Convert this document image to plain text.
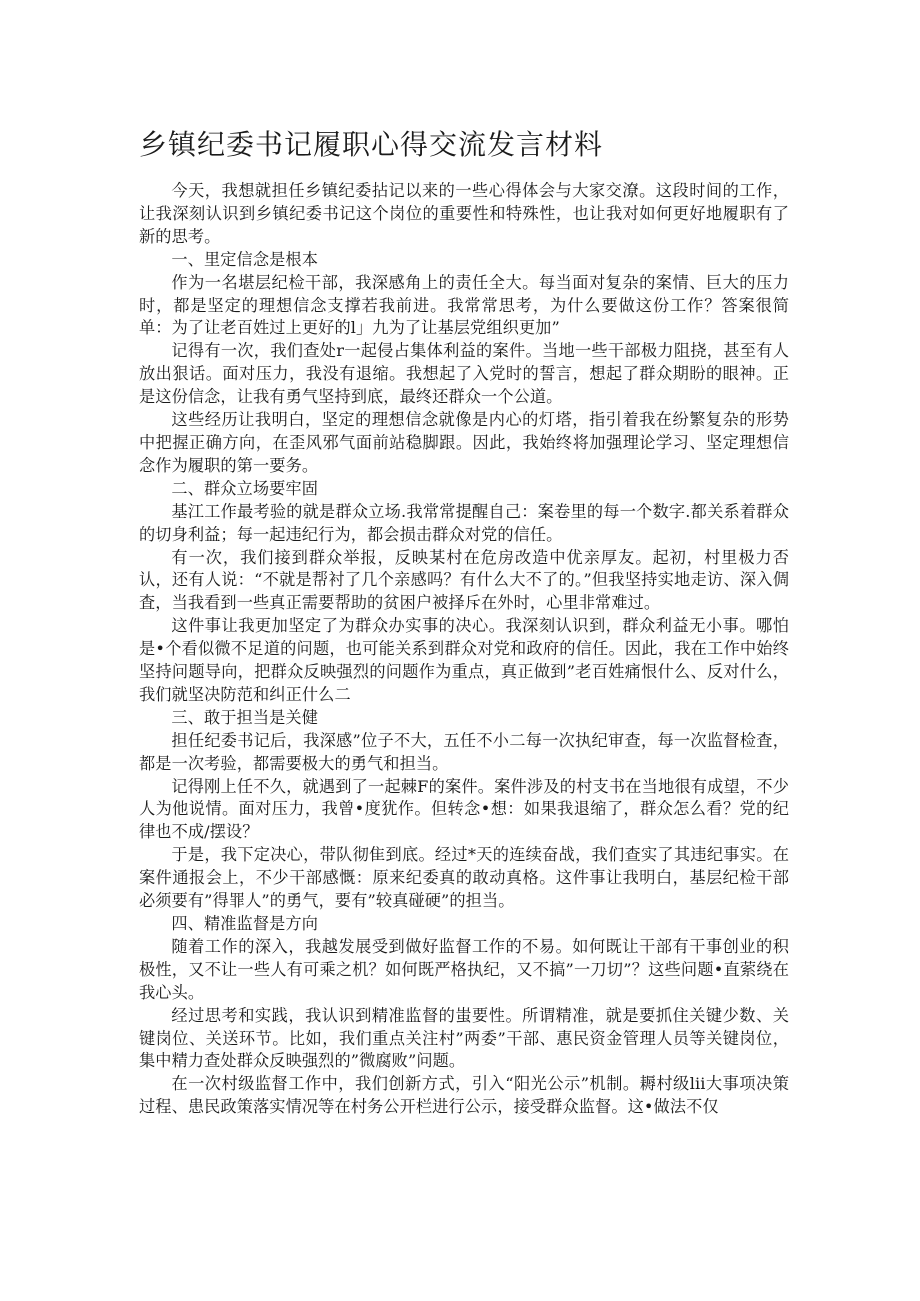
乡镇纪委书记履职心得交流发言材料

今天，我想就担任乡镇纪委拈记以来的一些心得体会与大家交潦。这段时间的工作，让我深刻认识到乡镇纪委书记这个岗位的重要性和特殊性，也让我对如何更好地履职有了新的思考。

一、里定信念是根本

作为一名堪层纪检干部，我深感角上的责任全大。每当面对复杂的案情、巨大的压力时，都是坚定的理想信念支撑若我前进。我常常思考，为什么要做这份工作？答案很简单：为了让老百姓过上更好的l」九为了让基层党组织更加”

记得有一次，我们查处r一起侵占集体利益的案件。当地一些干部极力阻挠，甚至有人放出狠话。面对压力，我没有退缩。我想起了入党时的誓言，想起了群众期盼的眼神。正是这份信念，让我有勇气坚持到底，最终还群众一个公道。

这些经历让我明白，坚定的理想信念就像是内心的灯塔，指引着我在纷繁复杂的形势中把握正确方向，在歪风邪气面前站稳脚跟。因此，我始终将加强理论学习、坚定理想信念作为履职的第一要务。

二、群众立场要牢固

基江工作最考验的就是群众立场.我常常提醒自己：案卷里的每一个数字.都关系着群众的切身利益；每一起违纪行为，都会损击群众对党的信任。

有一次，我们接到群众举报，反映某村在危房改造中优亲厚友。起初，村里极力否认，还有人说：“不就是帮衬了几个亲感吗？有什么大不了的。”但我坚持实地走访、深入倜査，当我看到一些真正需要帮助的贫困户被择斥在外时，心里非常难过。

这件事让我更加坚定了为群众办实事的决心。我深刻认识到，群众利益无小事。哪怕是•个看似微不足道的问题，也可能关系到群众对党和政府的信任。因此，我在工作中始终坚持问题导向，把群众反映强烈的问题作为重点，真正做到”老百姓痛恨什么、反对什么，我们就坚决防范和纠正什么二

三、敢于担当是关健

担任纪委书记后，我深感”位子不大，五任不小二每一次执纪审查，每一次监督检査，都是一次考验，都需要极大的勇气和担当。

记得刚上任不久，就遇到了一起棘F的案件。案件涉及的村支书在当地很有成望，不少人为他说情。面对压力，我曾•度犹作。但转念•想：如果我退缩了，群众怎么看？党的纪律也不成/摆设？

于是，我下定决心，带队彻隹到底。经过*天的连续奋战，我们查实了其违纪事实。在案件通报会上，不少干部感慨：原来纪委真的敢动真格。这件事让我明白，基层纪检干部必须要有”得罪人”的勇气，要有”较真碰硬”的担当。

四、精准监督是方向

随着工作的深入，我越发展受到做好监督工作的不易。如何既让干部有干事创业的积极性，又不让一些人有可乘之机？如何既严格执纪，又不搞”一刀切”？这些问题•直萦绕在我心头。

经过思考和实践，我认识到精准监督的蚩要性。所谓精准，就是要抓住关键少数、关键岗位、关送环节。比如，我们重点关注村”两委”干部、惠民资金管理人员等关键岗位，集中精力查处群众反映强烈的”微腐败”问题。

在一次村级监督工作中，我们创新方式，引入“阳光公示”机制。耨村级lii大事项决策过程、患民政策落实情况等在村务公开栏进行公示，接受群众监督。这•做法不仅
